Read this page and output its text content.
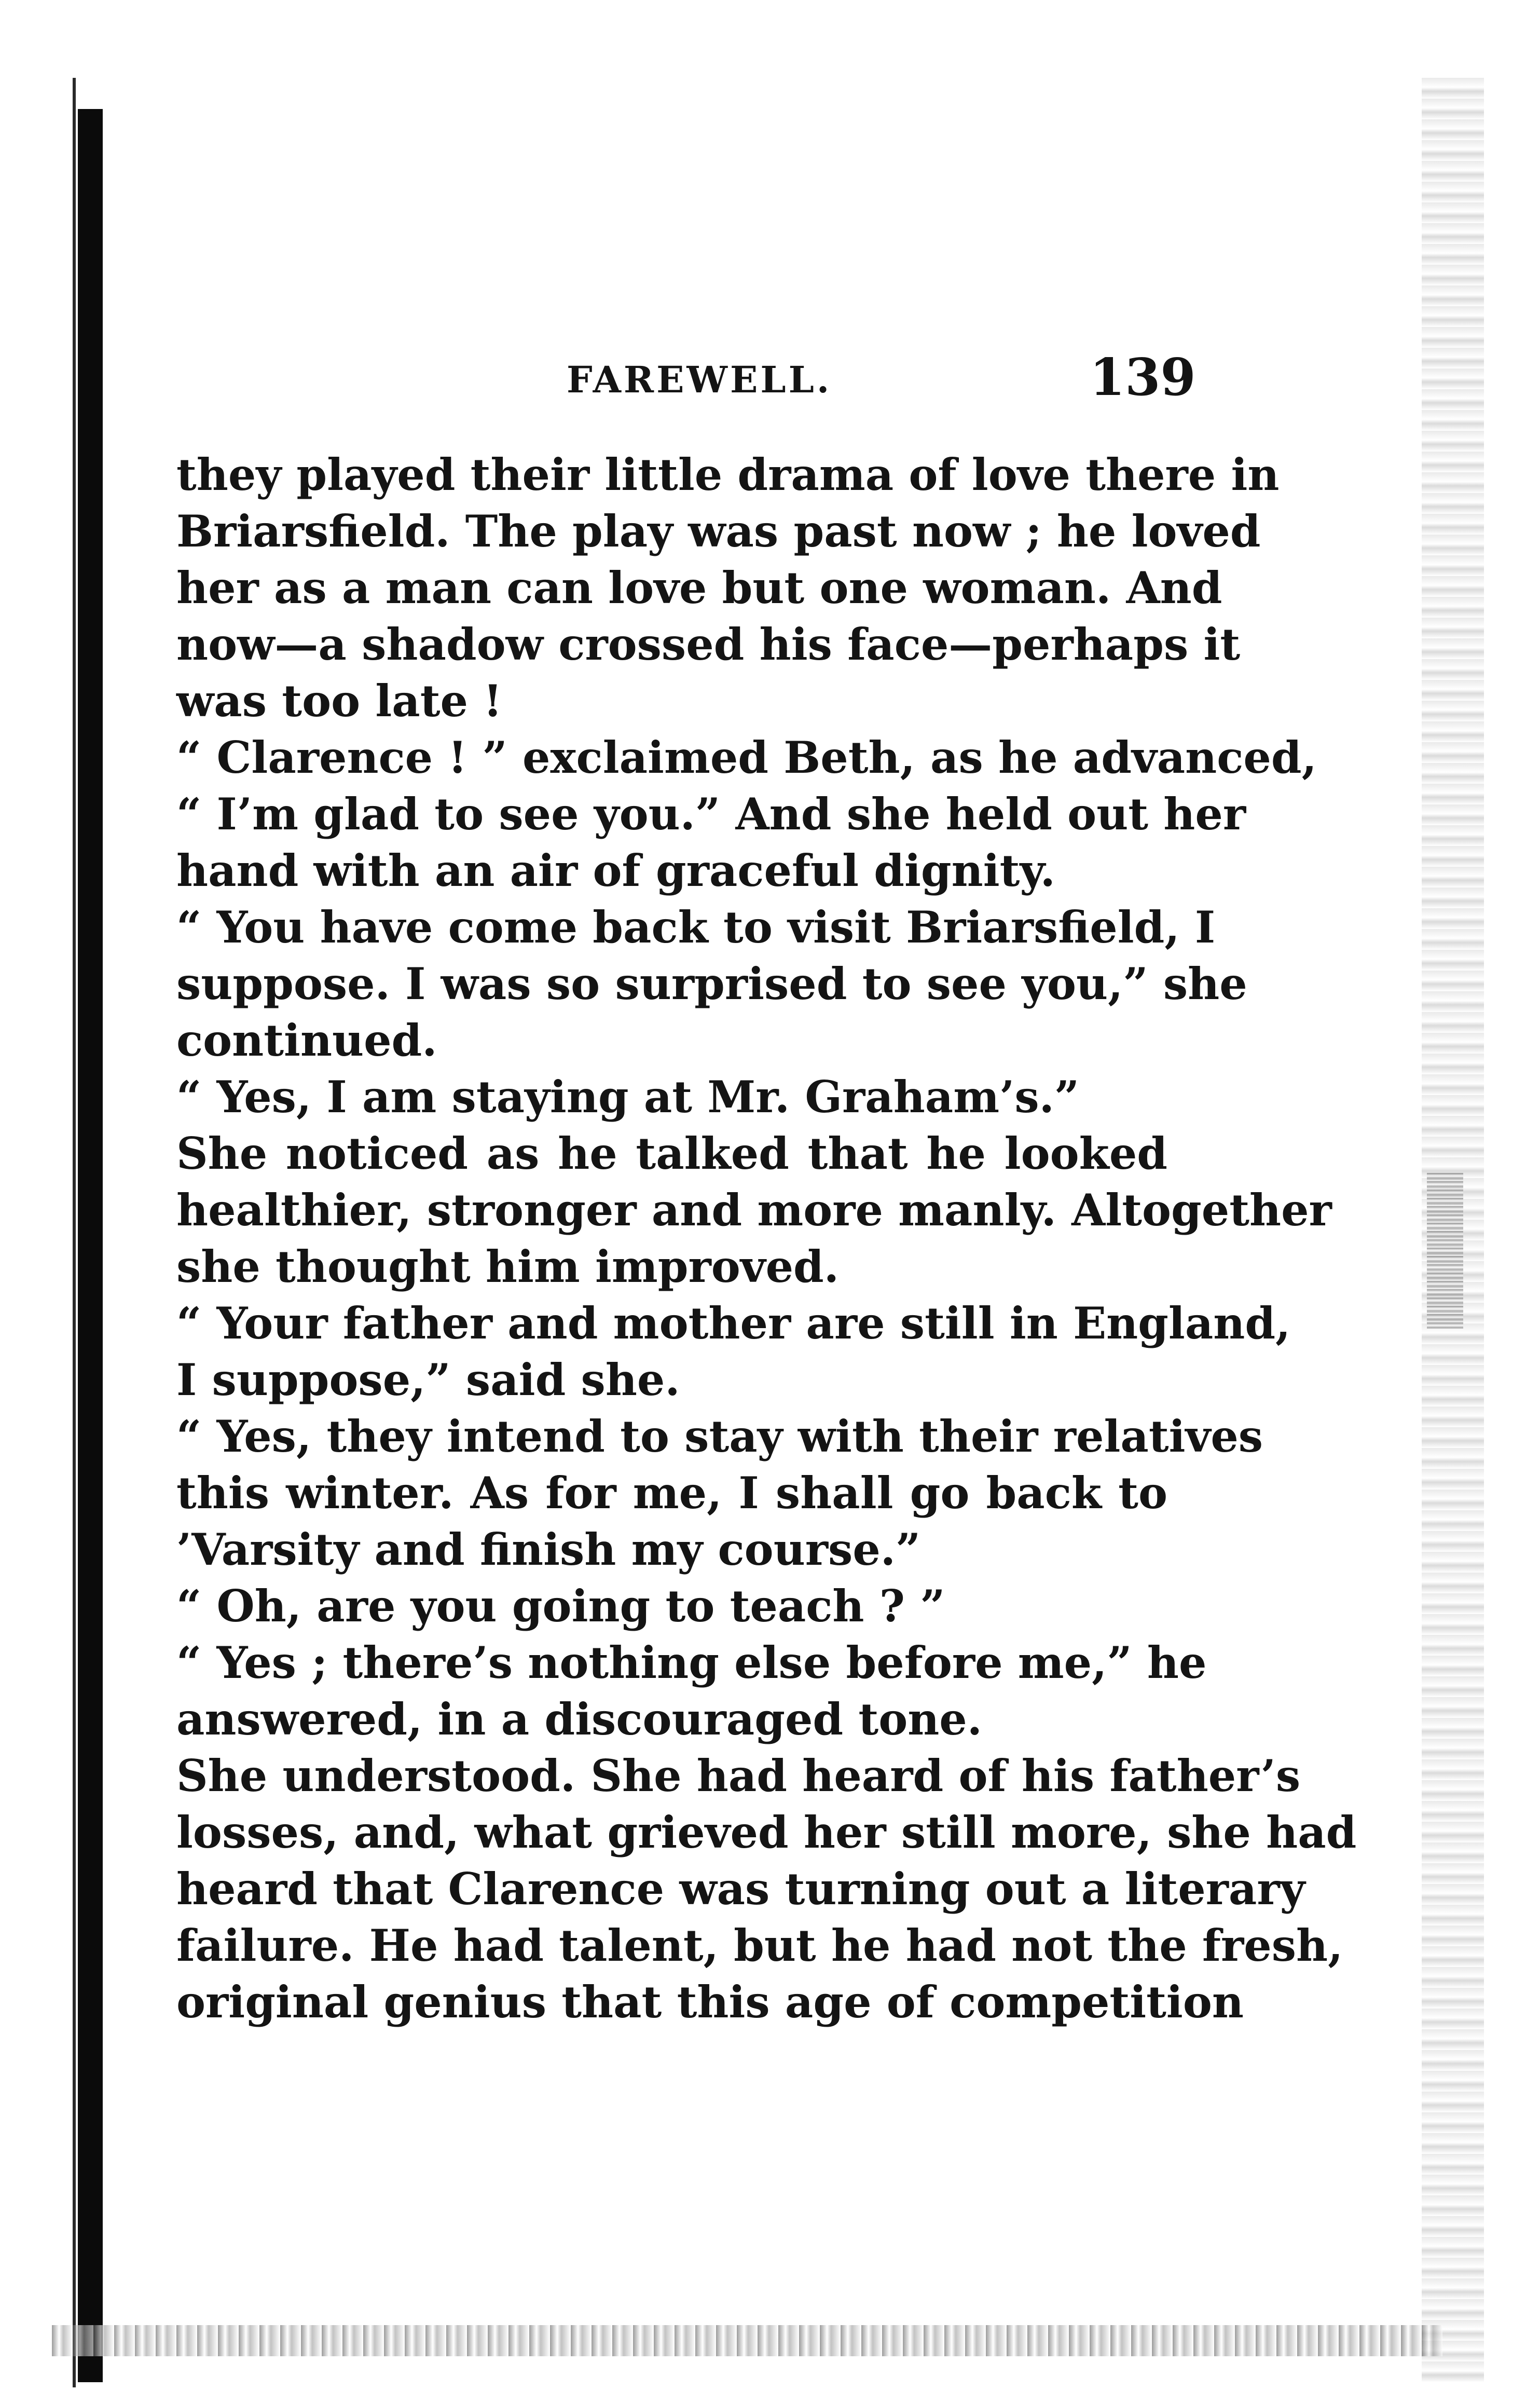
FAREWELL.	139
they played their little drama of love there in
Briarsfield. The play was past now ; he loved
her as a man can love but one woman. And
now—a shadow crossed his face—perhaps it
was too late !
“ Clarence ! ” exclaimed Beth, as he advanced,
“ I’m glad to see you.” And she held out her
hand with an air of graceful dignity.
“ You have come back to visit Briarsfield, I
suppose. I was so surprised to see you,” she
continued.
“ Yes, I am staying at Mr. Graham’s.”
She noticed as he talked that he looked
healthier, stronger and more manly. Altogether
she thought him improved.
“ Your father and mother are still in England,
I suppose,” said she.
“ Yes, they intend to stay with their relatives
this winter. As for me, I shall go back to
’Varsity and finish my course.”
“ Oh, are you going to teach ? ”
“ Yes ; there’s nothing else before me,” he
answered, in a discouraged tone.
She understood. She had heard of his father’s
losses, and, what grieved her still more, she had
heard that Clarence was turning out a literary
failure. He had talent, but he had not the fresh,
original genius that this age of competition
